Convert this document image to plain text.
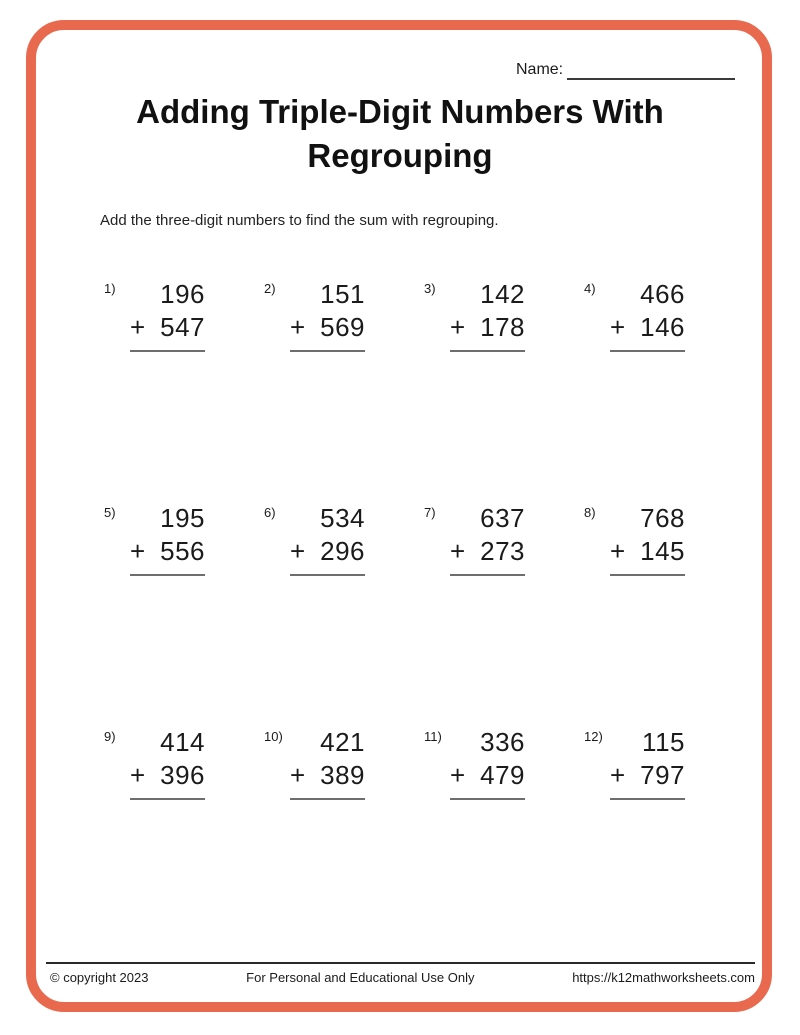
Name:
Adding Triple-Digit Numbers With Regrouping

Add the three-digit numbers to find the sum with regrouping.

1)	196
+ 547
2)	151
+ 569
3)	142
+ 178
4)	466
+ 146
5)	195
+ 556
6)	534
+ 296
7)	637
+ 273
8)	768
+ 145
9)	414
+ 396
10)	421
+ 389
11)	336
+ 479
12)	115
+ 797
© copyright 2023	For Personal and Educational Use Only	https://k12mathworksheets.com
